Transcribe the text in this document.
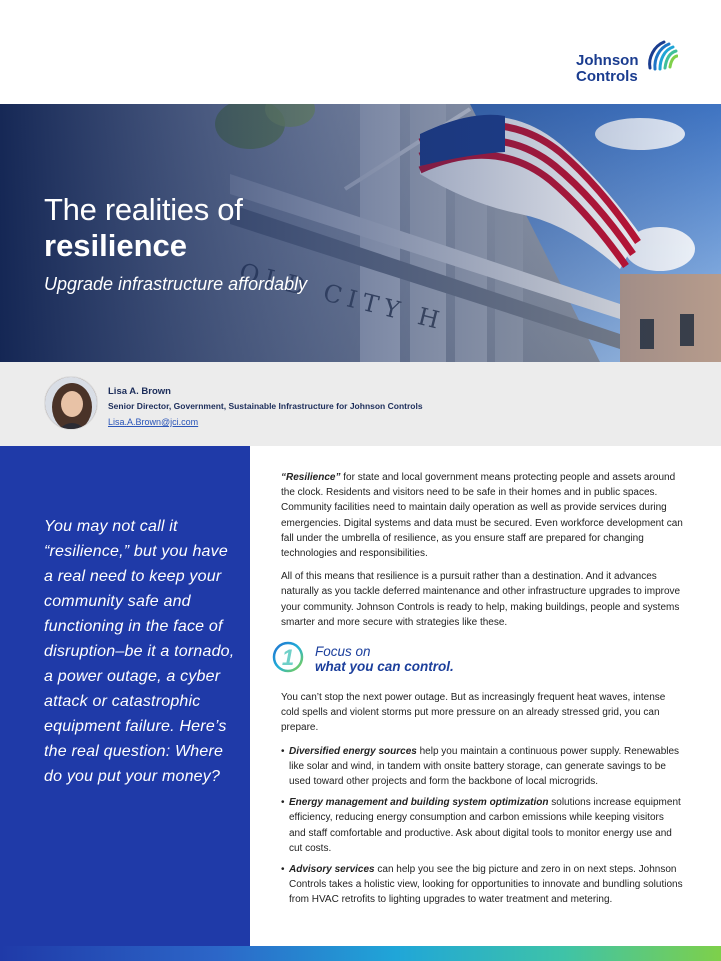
Johnson
Controls
The realities of
resilience
Upgrade infrastructure affordably
Lisa A. Brown
Senior Director, Government, Sustainable Infrastructure for Johnson Controls
Lisa.A.Brown@jci.com
You may not call it “resilience,” but you have a real need to keep your community safe and functioning in the face of disruption–be it a tornado, a power outage, a cyber attack or catastrophic equipment failure. Here’s the real question: Where do you put your money?

“Resilience” for state and local government means protecting people and assets around the clock. Residents and visitors need to be safe in their homes and in public spaces. Community facilities need to maintain daily operation as well as provide services during emergencies. Digital systems and data must be secured. Even workforce development can fall under the umbrella of resilience, as you ensure staff are prepared for changing technologies and responsibilities.

All of this means that resilience is a pursuit rather than a destination. And it advances naturally as you tackle deferred maintenance and other infrastructure upgrades to improve your community. Johnson Controls is ready to help, making buildings, people and systems smarter and more secure with strategies like these.

1 Focus on
what you can control.

You can’t stop the next power outage. But as increasingly frequent heat waves, intense cold spells and violent storms put more pressure on an already stressed grid, you can prepare.

• Diversified energy sources help you maintain a continuous power supply. Renewables like solar and wind, in tandem with onsite battery storage, can generate savings to be used toward other projects and form the backbone of local microgrids.
• Energy management and building system optimization solutions increase equipment efficiency, reducing energy consumption and carbon emissions while keeping visitors and staff comfortable and productive. Ask about digital tools to monitor energy use and cut costs.
• Advisory services can help you see the big picture and zero in on next steps. Johnson Controls takes a holistic view, looking for opportunities to innovate and bundling solutions from HVAC retrofits to lighting upgrades to water treatment and metering.
